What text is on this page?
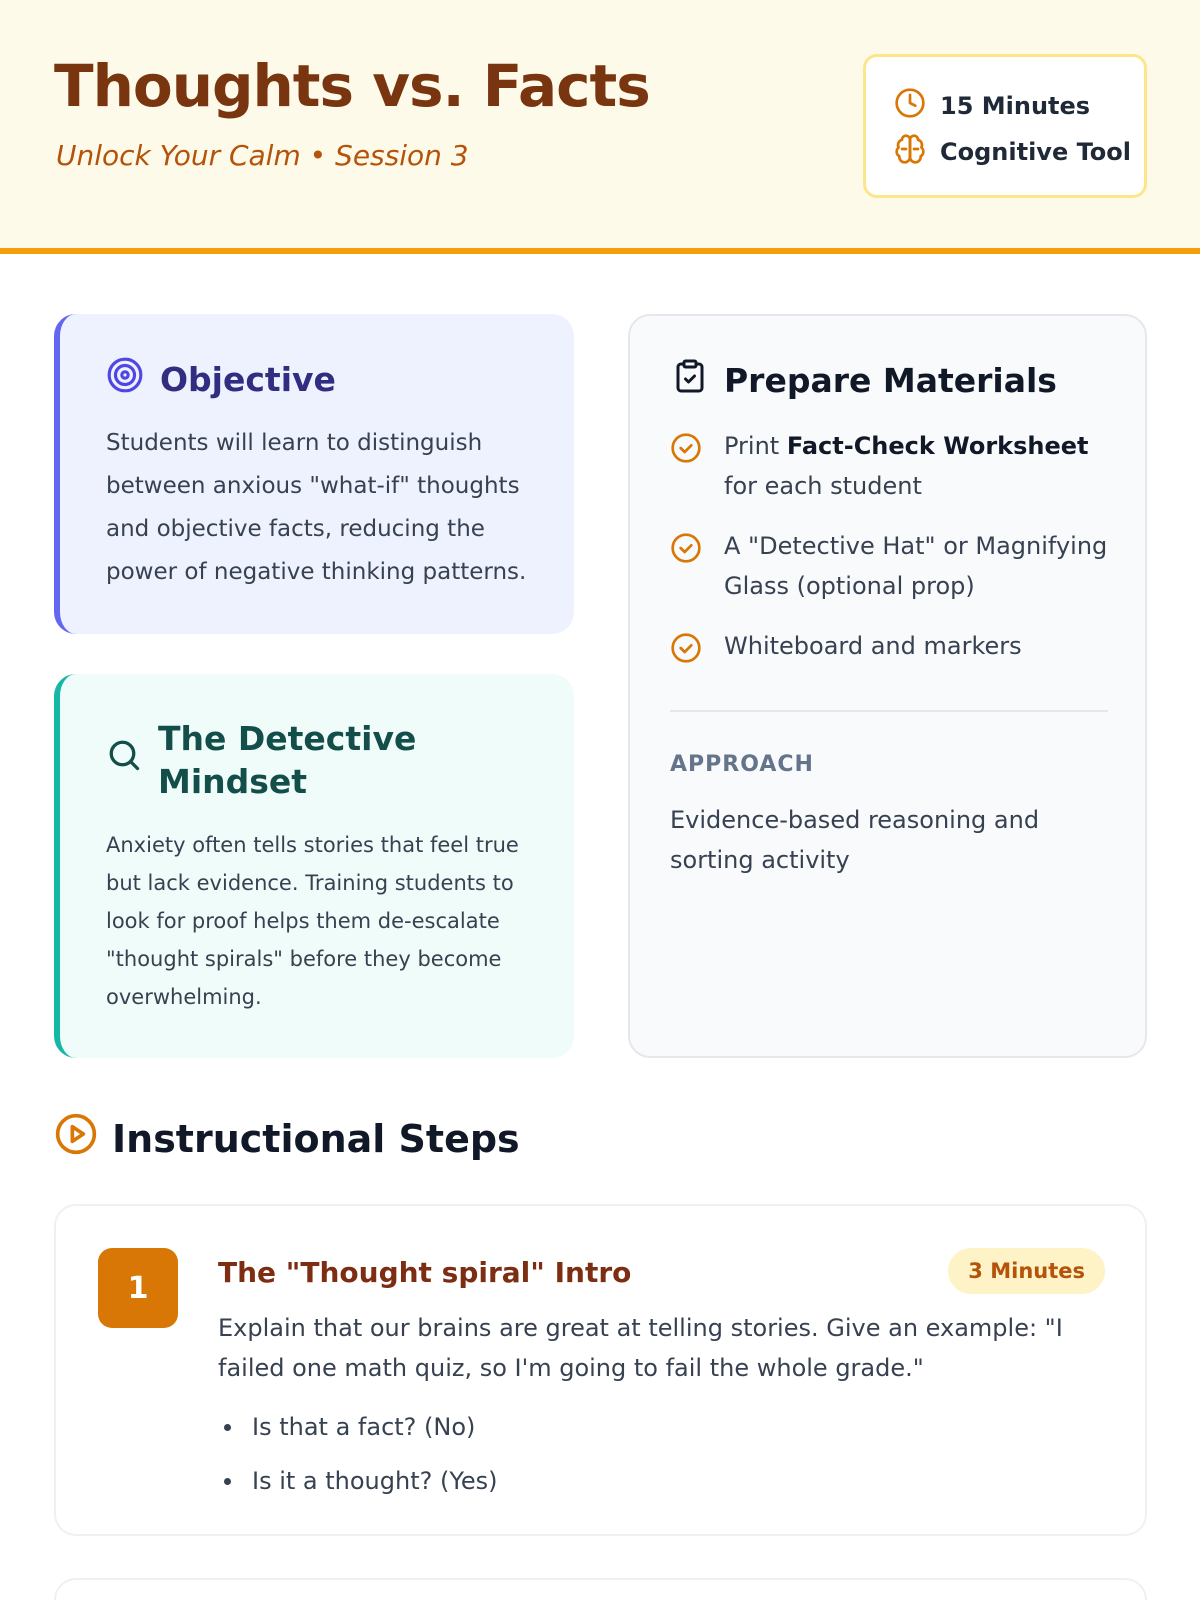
Thoughts vs. Facts
Unlock Your Calm • Session 3
15 Minutes
Cognitive Tool
Objective
Students will learn to distinguish between anxious "what-if" thoughts and objective facts, reducing the power of negative thinking patterns.
The Detective Mindset
Anxiety often tells stories that feel true but lack evidence. Training students to look for proof helps them de-escalate "thought spirals" before they become overwhelming.
Prepare Materials
Print Fact-Check Worksheet for each student
A "Detective Hat" or Magnifying Glass (optional prop)
Whiteboard and markers
APPROACH
Evidence-based reasoning and sorting activity
Instructional Steps
1	The "Thought spiral" Intro	3 Minutes
Explain that our brains are great at telling stories. Give an example: "I failed one math quiz, so I'm going to fail the whole grade."
Is that a fact? (No)
Is it a thought? (Yes)
